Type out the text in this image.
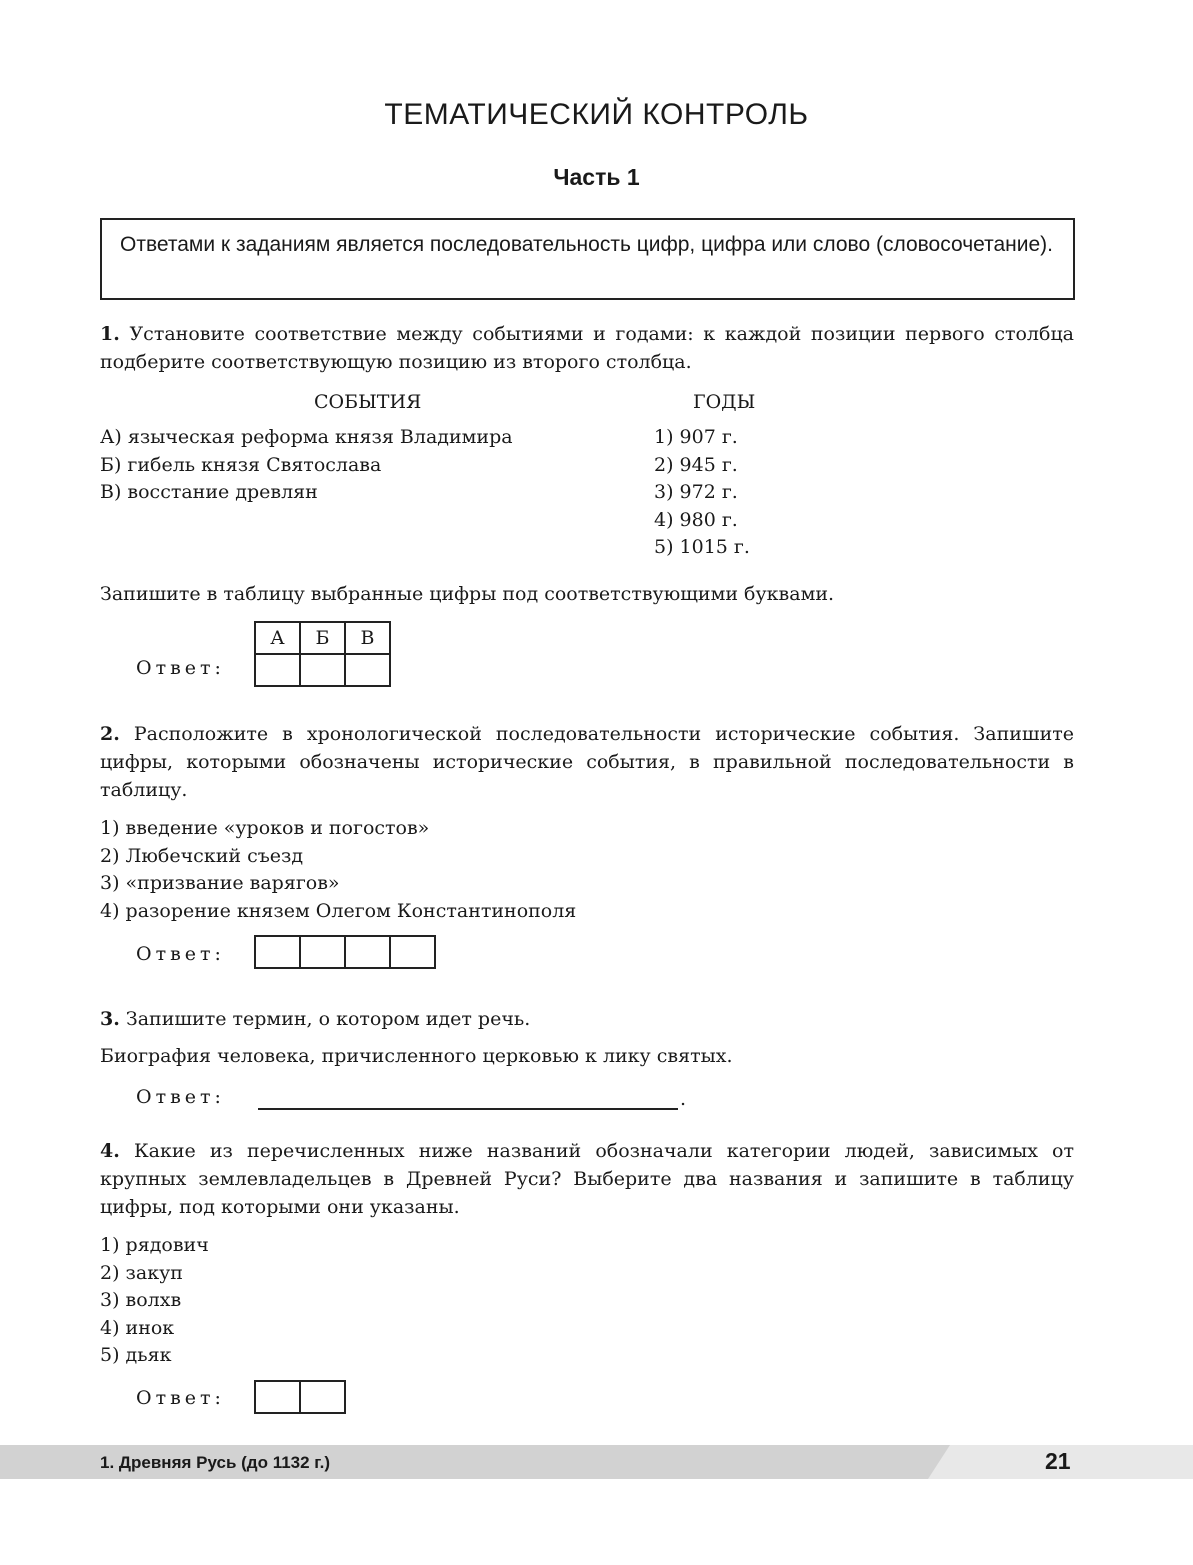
ТЕМАТИЧЕСКИЙ КОНТРОЛЬ
Часть 1
Ответами к заданиям является последовательность цифр, цифра или слово (словосочетание).
1. Установите соответствие между событиями и годами: к каждой позиции первого столбца подберите соответствующую позицию из второго столбца.
СОБЫТИЯ	ГОДЫ
А) языческая реформа князя Владимира
Б) гибель князя Святослава
В) восстание древлян
1) 907 г.
2) 945 г.
3) 972 г.
4) 980 г.
5) 1015 г.
Запишите в таблицу выбранные цифры под соответствующими буквами.
Ответ:
А	Б	В

2. Расположите в хронологической последовательности исторические события. Запишите цифры, которыми обозначены исторические события, в правильной последовательности в таблицу.
1) введение «уроков и погостов»
2) Любечский съезд
3) «призвание варягов»
4) разорение князем Олегом Константинополя
Ответ:

3. Запишите термин, о котором идет речь.
Биография человека, причисленного церковью к лику святых.
Ответ:	.
4. Какие из перечисленных ниже названий обозначали категории людей, зависимых от крупных землевладельцев в Древней Руси? Выберите два названия и запишите в таблицу цифры, под которыми они указаны.
1) рядович
2) закуп
3) волхв
4) инок
5) дьяк
Ответ:

1. Древняя Русь (до 1132 г.)	21
